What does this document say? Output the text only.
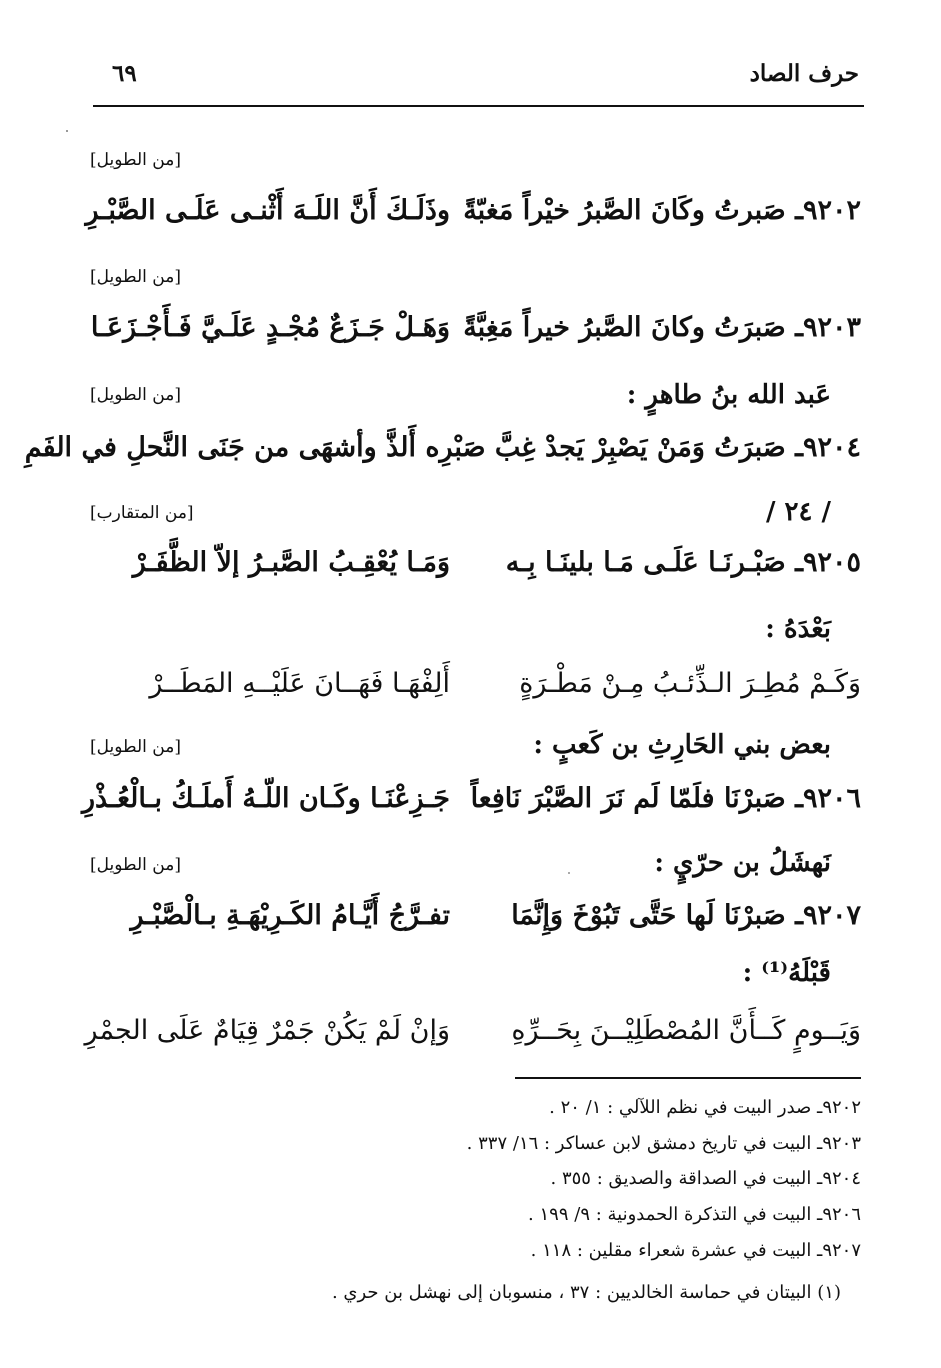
حرف الصاد
٦٩
[من الطويل]
٩٢٠٢ـ صَبرتُ وكَانَ الصَّبرُ خيْراً مَغبّةً
وذَلَـكَ أَنَّ اللَـهَ أَثْنـى عَلَـى الصَّبْـرِ
[من الطويل]
٩٢٠٣ـ صَبرَتُ وكانَ الصَّبرُ خيراً مَغِبَّةً
وَهَـلْ جَـزَعٌ مُجْـدٍ عَلَـيَّ فَـأَجْـزَعَـا
عَبد الله بنُ طاهرٍ :
[من الطويل]
٩٢٠٤ـ صَبرَتُ وَمَنْ يَصْبِرْ يَجدْ غِبَّ صَبْرِه أَلذَّ وأشهَى من جَنَى النَّحلِ في الفَمِ
/ ٢٤ /
[من المتقارب]
٩٢٠٥ـ صَبْـرنَـا عَلَـى مَـا بلينَـا بِـه
وَمَـا يُعْقِـبُ الصَّبـرُ إلاّ الظَّفَـرْ
بَعْدَهُ :
وَكَـمْ مُطِـرَ الـذِّئـبُ مِـنْ مَطْـرَةٍ
أَلِفْهَـا فَهَــانَ عَلَيْــهِ المَطَــرْ
بعض بني الحَارِثِ بن كَعبٍ :
[من الطويل]
٩٢٠٦ـ صَبرْنَا فلَمّا لَم نَرَ الصَّبْرَ نَافِعاً
جَـزِعْنَـا وكَـان اللّـهُ أَملَـكُ بـالْعُـذْرِ
نَهشَلُ بن حرّيٍ :
[من الطويل]
٩٢٠٧ـ صَبرْنَا لَها حَتَّى تَبُوْخَ وَإِنَّمَا
تفـرَّجُ أَيَّـامُ الكَـرِيْهَـةِ بـالْصَّبْـرِ
قَبْلَهُ⁽¹⁾ :
وَيَــومٍ كَــأَنَّ المُصْطَلِيْــنَ بِحَــرِّهِ
وَإنْ لَمْ يَكُنْ جَمْرٌ قِيَامٌ عَلَى الجمْرِ
٩٢٠٢ـ صدر البيت في نظم اللآلي : ١/ ٢٠ .
٩٢٠٣ـ البيت في تاريخ دمشق لابن عساكر : ١٦/ ٣٣٧ .
٩٢٠٤ـ البيت في الصداقة والصديق : ٣٥٥ .
٩٢٠٦ـ البيت في التذكرة الحمدونية : ٩/ ١٩٩ .
٩٢٠٧ـ البيت في عشرة شعراء مقلين : ١١٨ .
(١) البيتان في حماسة الخالديين : ٣٧ ، منسوبان إلى نهشل بن حري .
